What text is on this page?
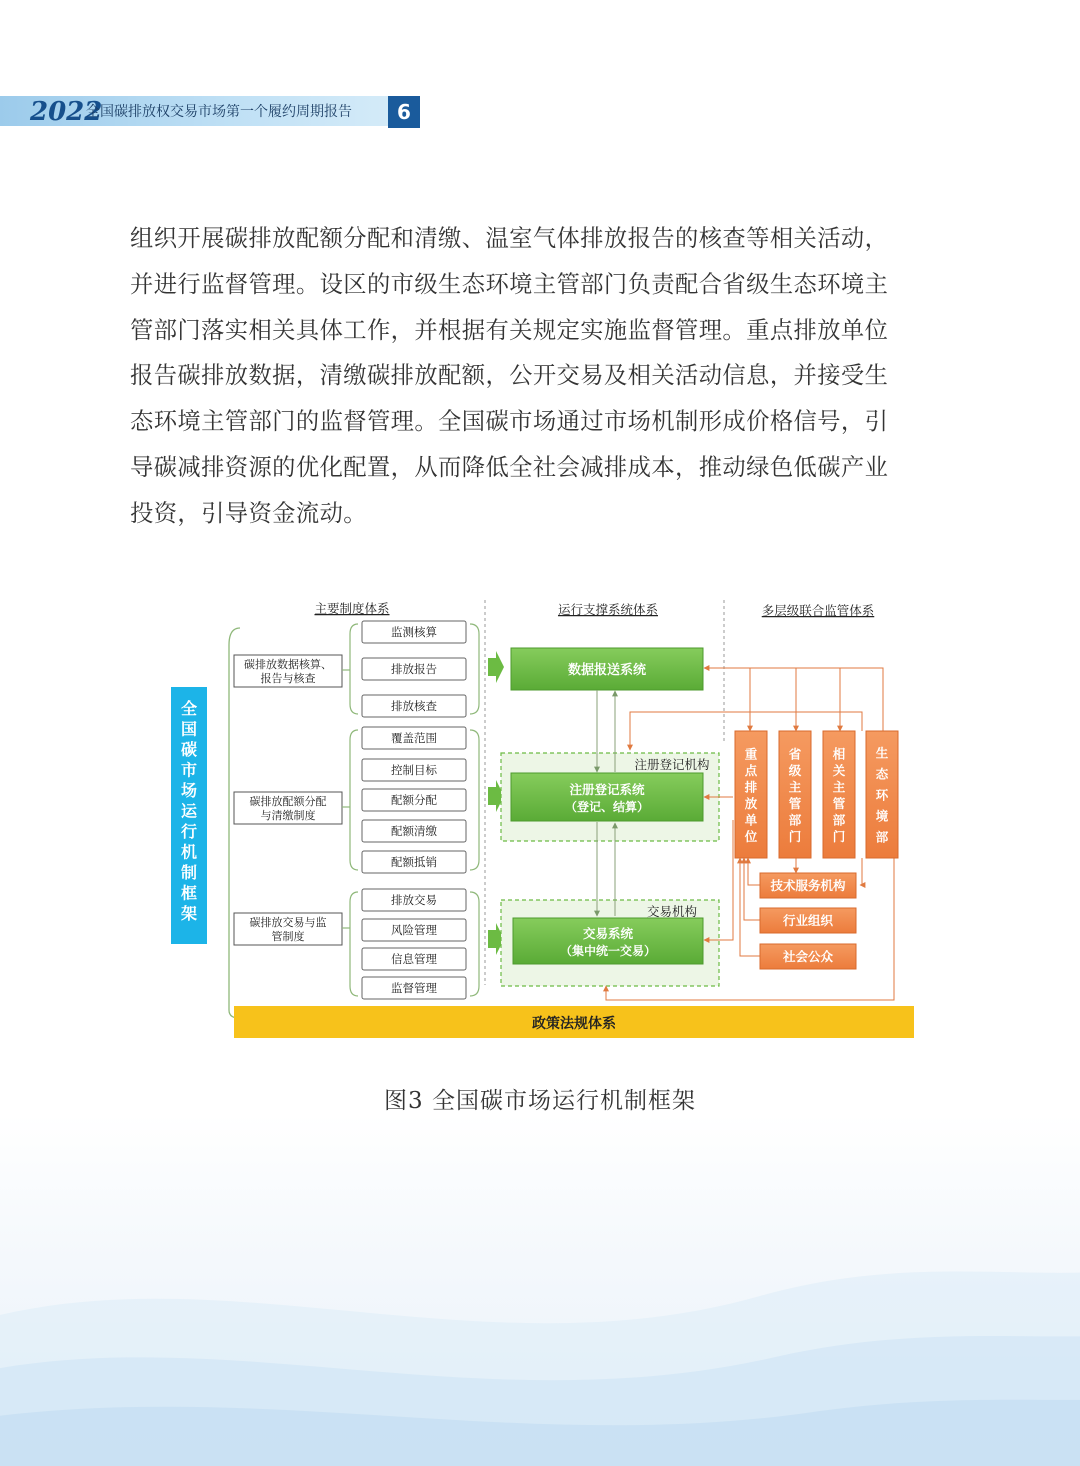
2022
全国碳排放权交易市场第一个履约周期报告	6

组织开展碳排放配额分配和清缴、温室气体排放报告的核查等相关活动，

并进行监督管理。设区的市级生态环境主管部门负责配合省级生态环境主

管部门落实相关具体工作，并根据有关规定实施监督管理。重点排放单位

报告碳排放数据，清缴碳排放配额，公开交易及相关活动信息，并接受生

态环境主管部门的监督管理。全国碳市场通过市场机制形成价格信号，引

导碳减排资源的优化配置，从而降低全社会减排成本，推动绿色低碳产业

投资，引导资金流动。

主要制度体系	运行支撑系统体系	多层级联合监管体系
全国碳市场运行机制框架
碳排放数据核算、
报告与核查
监测核算
排放报告
排放核查
碳排放配额分配
与清缴制度
覆盖范围
控制目标
配额分配
配额清缴
配额抵销
碳排放交易与监
管制度
排放交易
风险管理
信息管理
监督管理
数据报送系统
注册登记系统
（登记、结算）
注册登记机构
交易系统
（集中统一交易）
交易机构
重
点
排
放
单
位
省
级
主
管
部
门
相
关
主
管
部
门
生
态
环
境
部
技术服务机构
行业组织
社会公众
政策法规体系
图3 全国碳市场运行机制框架
